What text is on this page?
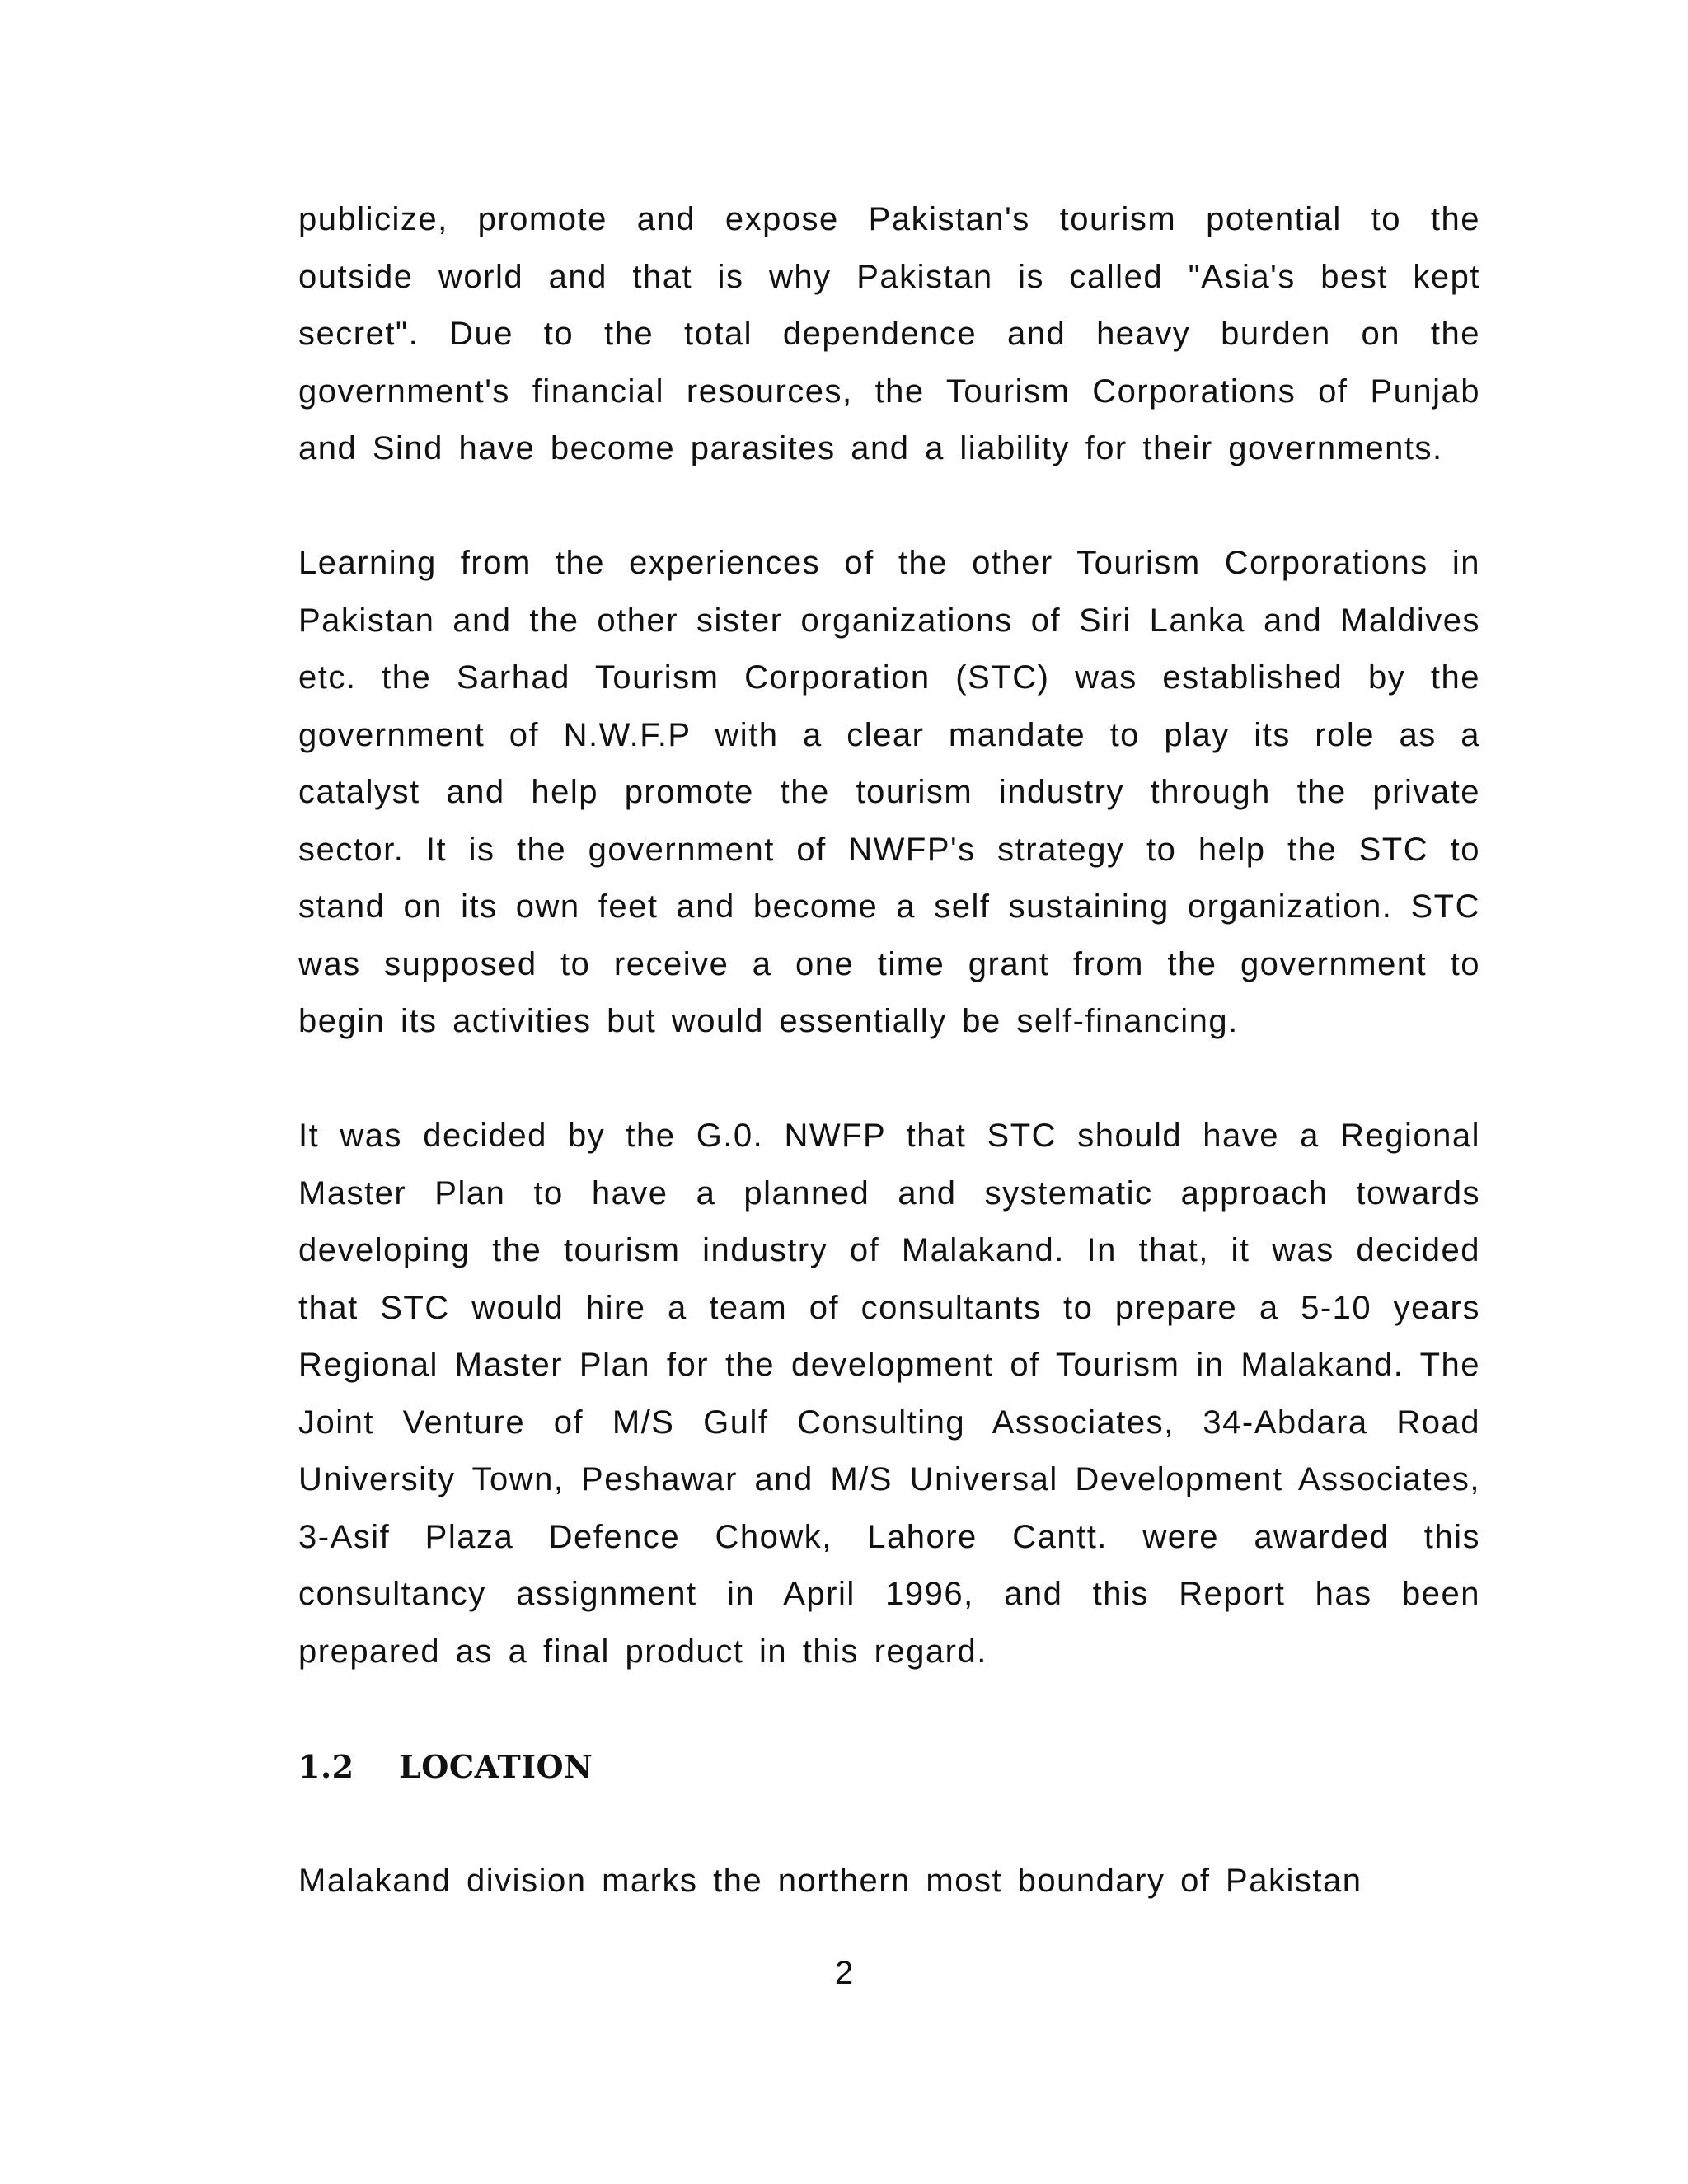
publicize, promote and expose Pakistan's tourism potential to the outside world and that is why Pakistan is called "Asia's best kept secret". Due to the total dependence and heavy burden on the government's financial resources, the Tourism Corporations of Punjab and Sind have become parasites and a liability for their governments.

Learning from the experiences of the other Tourism Corporations in Pakistan and the other sister organizations of Siri Lanka and Maldives etc. the Sarhad Tourism Corporation (STC) was established by the government of N.W.F.P with a clear mandate to play its role as a catalyst and help promote the tourism industry through the private sector. It is the government of NWFP's strategy to help the STC to stand on its own feet and become a self sustaining organization. STC was supposed to receive a one time grant from the government to begin its activities but would essentially be self-financing.

It was decided by the G.0. NWFP that STC should have a Regional Master Plan to have a planned and systematic approach towards developing the tourism industry of Malakand. In that, it was decided that STC would hire a team of consultants to prepare a 5-10 years Regional Master Plan for the development of Tourism in Malakand. The Joint Venture of M/S Gulf Consulting Associates, 34-Abdara Road University Town, Peshawar and M/S Universal Development Associates, 3-Asif Plaza Defence Chowk, Lahore Cantt. were awarded this consultancy assignment in April 1996, and this Report has been prepared as a final product in this regard.

1.2	LOCATION

Malakand division marks the northern most boundary of Pakistan

2
